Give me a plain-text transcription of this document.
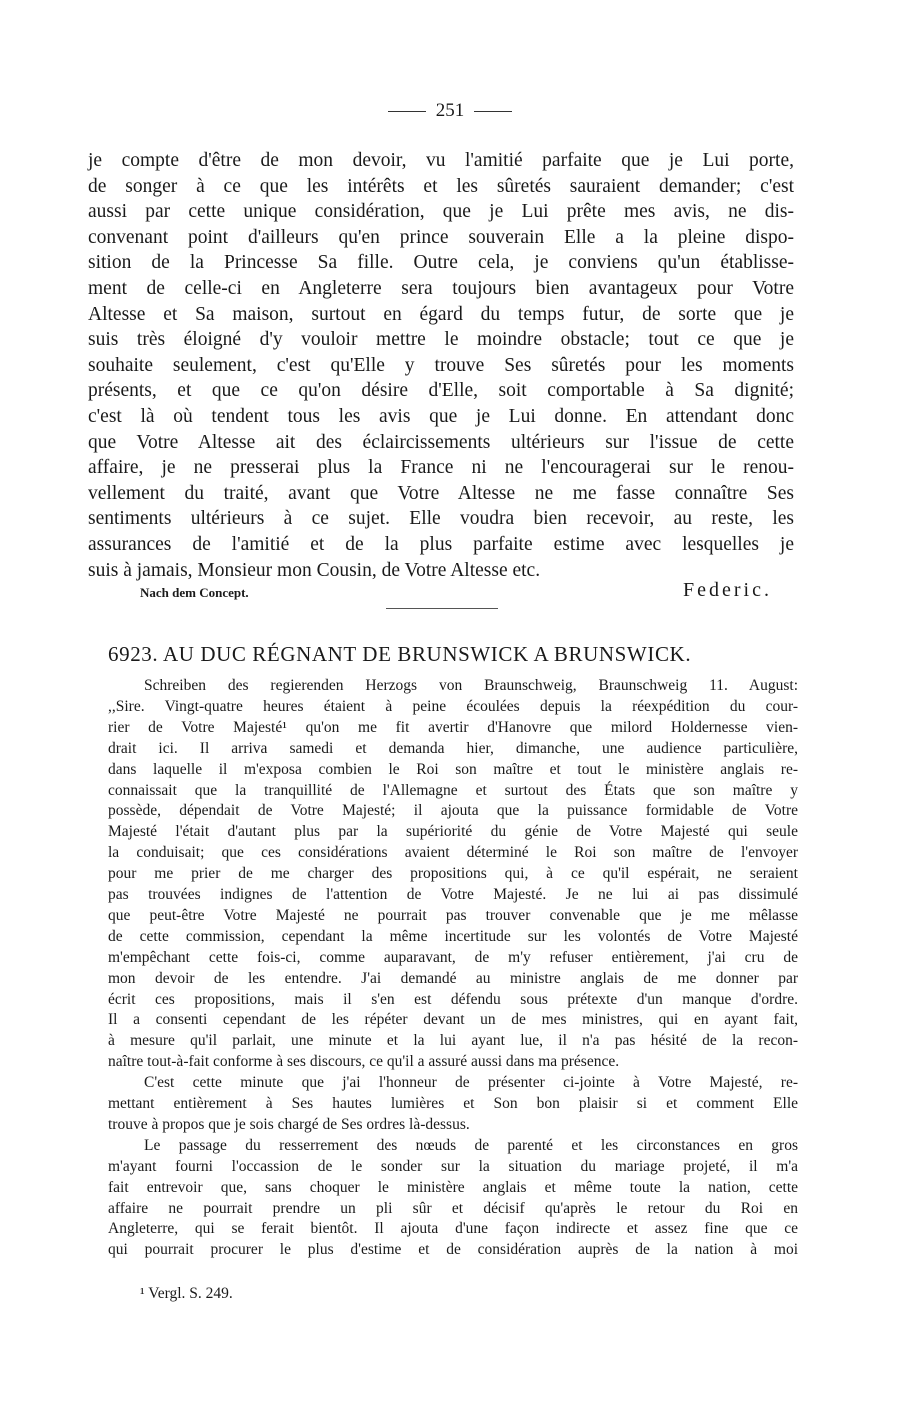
251
je compte d'être de mon devoir, vu l'amitié parfaite que je Lui porte,
de songer à ce que les intérêts et les sûretés sauraient demander; c'est
aussi par cette unique considération, que je Lui prête mes avis, ne dis-
convenant point d'ailleurs qu'en prince souverain Elle a la pleine dispo-
sition de la Princesse Sa fille. Outre cela, je conviens qu'un établisse-
ment de celle-ci en Angleterre sera toujours bien avantageux pour Votre
Altesse et Sa maison, surtout en égard du temps futur, de sorte que je
suis très éloigné d'y vouloir mettre le moindre obstacle; tout ce que je
souhaite seulement, c'est qu'Elle y trouve Ses sûretés pour les moments
présents, et que ce qu'on désire d'Elle, soit comportable à Sa dignité;
c'est là où tendent tous les avis que je Lui donne. En attendant donc
que Votre Altesse ait des éclaircissements ultérieurs sur l'issue de cette
affaire, je ne presserai plus la France ni ne l'encouragerai sur le renou-
vellement du traité, avant que Votre Altesse ne me fasse connaître Ses
sentiments ultérieurs à ce sujet. Elle voudra bien recevoir, au reste, les
assurances de l'amitié et de la plus parfaite estime avec lesquelles je
suis à jamais, Monsieur mon Cousin, de Votre Altesse etc.
Nach dem Concept.	Federic.
6923. AU DUC RÉGNANT DE BRUNSWICK A BRUNSWICK.
Schreiben des regierenden Herzogs von Braunschweig, Braunschweig 11. August:
,,Sire. Vingt-quatre heures étaient à peine écoulées depuis la réexpédition du cour-
rier de Votre Majesté¹ qu'on me fit avertir d'Hanovre que milord Holdernesse vien-
drait ici. Il arriva samedi et demanda hier, dimanche, une audience particulière,
dans laquelle il m'exposa combien le Roi son maître et tout le ministère anglais re-
connaissait que la tranquillité de l'Allemagne et surtout des États que son maître y
possède, dépendait de Votre Majesté; il ajouta que la puissance formidable de Votre
Majesté l'était d'autant plus par la supériorité du génie de Votre Majesté qui seule
la conduisait; que ces considérations avaient déterminé le Roi son maître de l'envoyer
pour me prier de me charger des propositions qui, à ce qu'il espérait, ne seraient
pas trouvées indignes de l'attention de Votre Majesté. Je ne lui ai pas dissimulé
que peut-être Votre Majesté ne pourrait pas trouver convenable que je me mêlasse
de cette commission, cependant la même incertitude sur les volontés de Votre Majesté
m'empêchant cette fois-ci, comme auparavant, de m'y refuser entièrement, j'ai cru de
mon devoir de les entendre. J'ai demandé au ministre anglais de me donner par
écrit ces propositions, mais il s'en est défendu sous prétexte d'un manque d'ordre.
Il a consenti cependant de les répéter devant un de mes ministres, qui en ayant fait,
à mesure qu'il parlait, une minute et la lui ayant lue, il n'a pas hésité de la recon-
naître tout-à-fait conforme à ses discours, ce qu'il a assuré aussi dans ma présence.
C'est cette minute que j'ai l'honneur de présenter ci-jointe à Votre Majesté, re-
mettant entièrement à Ses hautes lumières et Son bon plaisir si et comment Elle
trouve à propos que je sois chargé de Ses ordres là-dessus.
Le passage du resserrement des nœuds de parenté et les circonstances en gros
m'ayant fourni l'occassion de le sonder sur la situation du mariage projeté, il m'a
fait entrevoir que, sans choquer le ministère anglais et même toute la nation, cette
affaire ne pourrait prendre un pli sûr et décisif qu'après le retour du Roi en
Angleterre, qui se ferait bientôt. Il ajouta d'une façon indirecte et assez fine que ce
qui pourrait procurer le plus d'estime et de considération auprès de la nation à moi
¹ Vergl. S. 249.
